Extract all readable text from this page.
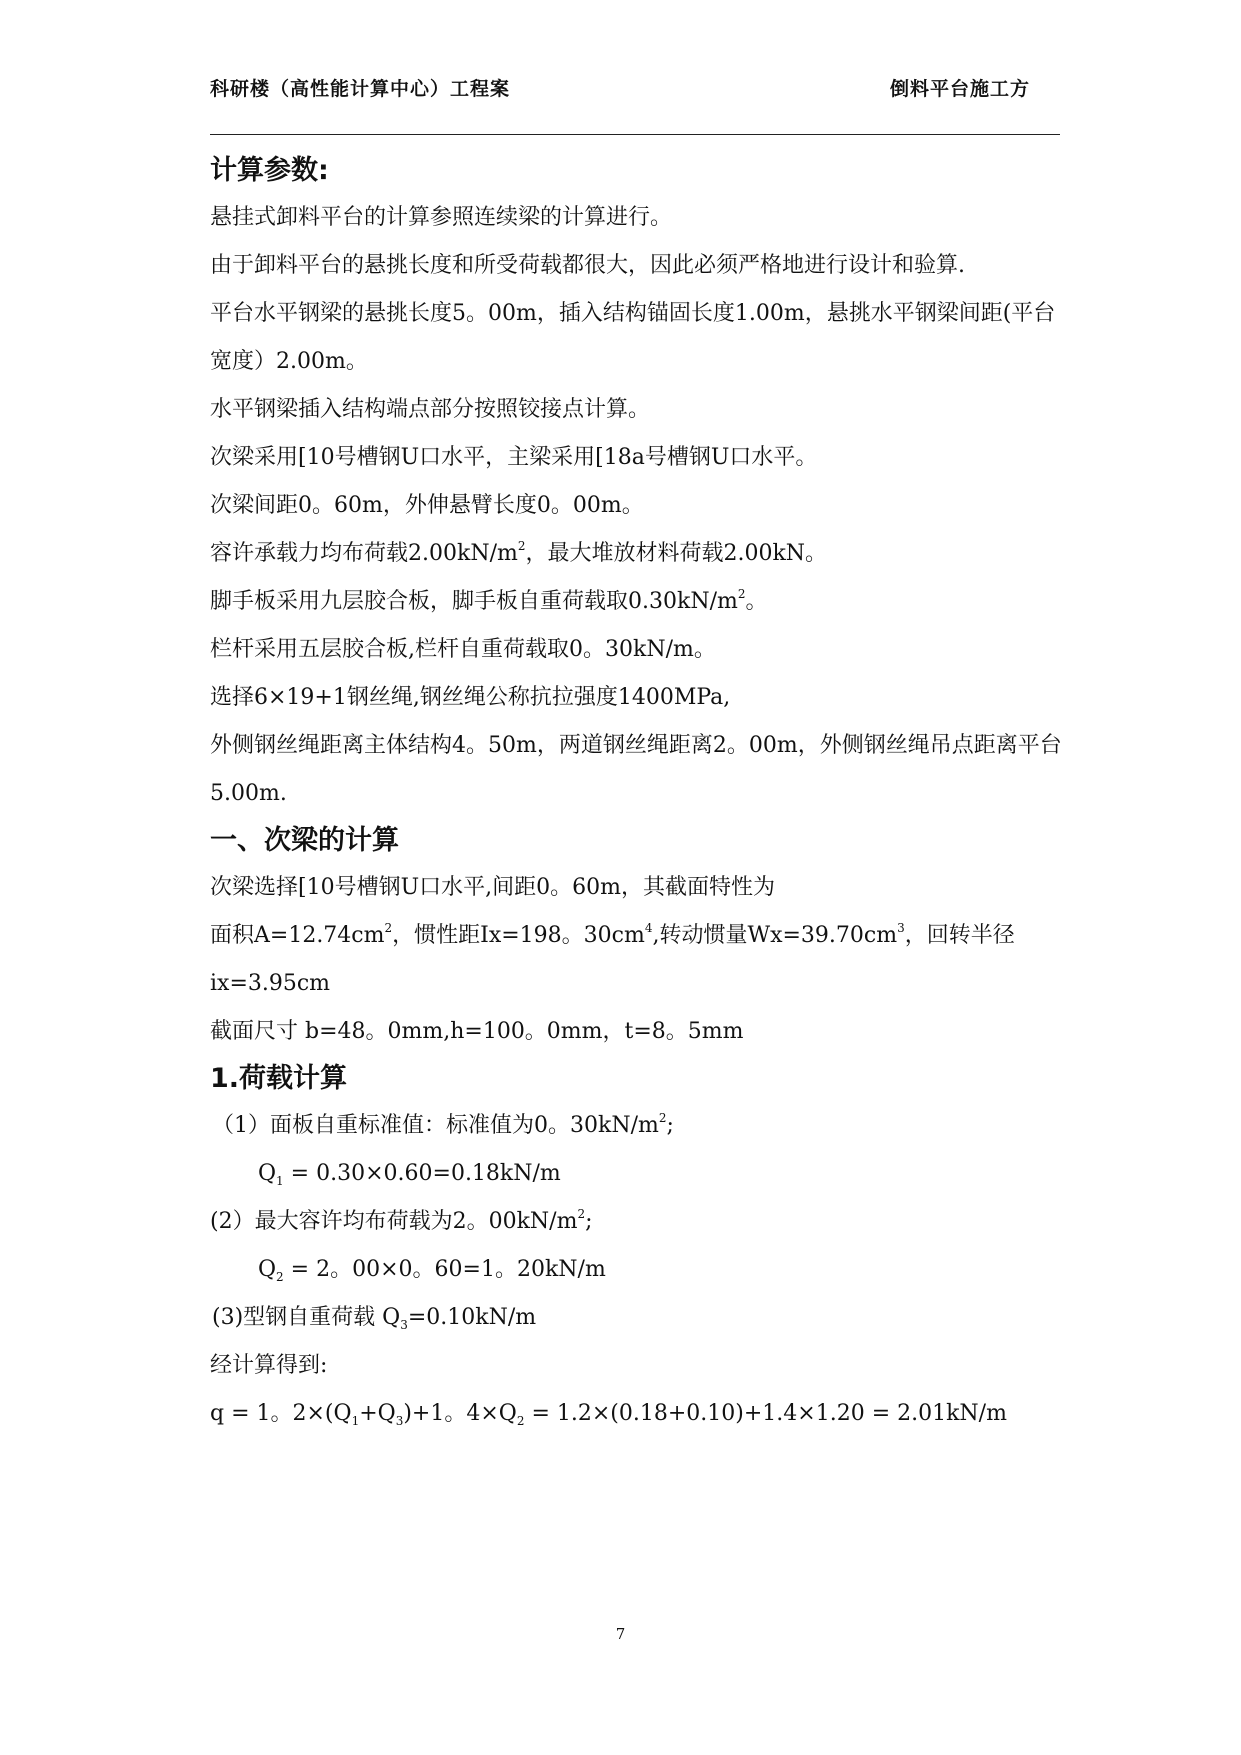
科研楼（高性能计算中心）工程案	倒料平台施工方

计算参数:

悬挂式卸料平台的计算参照连续梁的计算进行。

由于卸料平台的悬挑长度和所受荷载都很大，因此必须严格地进行设计和验算.

平台水平钢梁的悬挑长度5。00m，插入结构锚固长度1.00m，悬挑水平钢梁间距(平台宽度）2.00m。

水平钢梁插入结构端点部分按照铰接点计算。

次梁采用[10号槽钢U口水平，主梁采用[18a号槽钢U口水平。

次梁间距0。60m，外伸悬臂长度0。00m。

容许承载力均布荷载$2.00kN/m^2$，最大堆放材料荷载2.00kN。

脚手板采用九层胶合板，脚手板自重荷载取$0.30kN/m^2$。

栏杆采用五层胶合板,栏杆自重荷载取0。30kN/m。

选择6×19+1钢丝绳,钢丝绳公称抗拉强度1400MPa,

外侧钢丝绳距离主体结构4。50m，两道钢丝绳距离2。00m，外侧钢丝绳吊点距离平台5.00m.

一、次梁的计算

次梁选择[10号槽钢U口水平,间距0。60m，其截面特性为

面积$A=12.74cm^2$，惯性距Ix=198。$30cm^4$,转动惯量$Wx=39.70cm^3$，回转半径

ix=3.95cm

截面尺寸 b=48。0mm,h=100。0mm，t=8。5mm

1.荷载计算

（1）面板自重标准值：标准值为0。$30kN/m^2$;

$Q_1 = 0.30\times 0.60=0.18kN/m$

(2）最大容许均布荷载为2。$00kN/m^2$;

$Q_2 = 2$。00×0。60=1。20kN/m

(3)型钢自重荷载 $Q_3=0.10kN/m$

经计算得到:

q = 1。$2\times(Q_1+Q_3)+1$。$4\times Q_2 = 1.2\times(0.18+0.10)+1.4\times 1.20 = 2.01kN/m$

7
